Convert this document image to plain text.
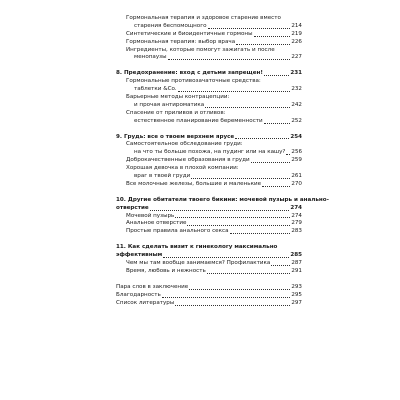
Гормональная терапия и здоровое старение вместо
старения беспомощного	214
Синтетические и биоидентичные гормоны	219
Гормональная терапия: выбор врача	226
Ингредиенты, которые помогут зажигать и после
менопаузы	227
8. Предохранение: вход с детьми запрещен!	231
Гормональные противозачаточные средства:
таблетки &Co.	232
Барьерные методы контрацепции:
и прочая антироматика	242
Спасение от приливов и отливов:
естественное планирование беременности	252
9. Грудь: все о твоем верхнем ярусе	254
Самостоятельное обследование груди:
на что ты больше похожа, на пудинг или на кашу? 256
Доброкачественные образования в груди	259
Хорошая девочка в плохой компании:
враг в твоей груди	261
Все молочные железы, большие и маленькие	270
10. Другие обитатели твоего бикини: мочевой пузырь и анально-
отверстие	274
Мочевой пузырь	274
Анальное отверстие	279
Простые правила анального секса	283
11. Как сделать визит к гинекологу максимально
эффективным	285
Чем мы там вообще занимаемся? Профилактика	287
Время, любовь и нежность	291
Пара слов в заключение	293
Благодарность	295
Список литературы	297
